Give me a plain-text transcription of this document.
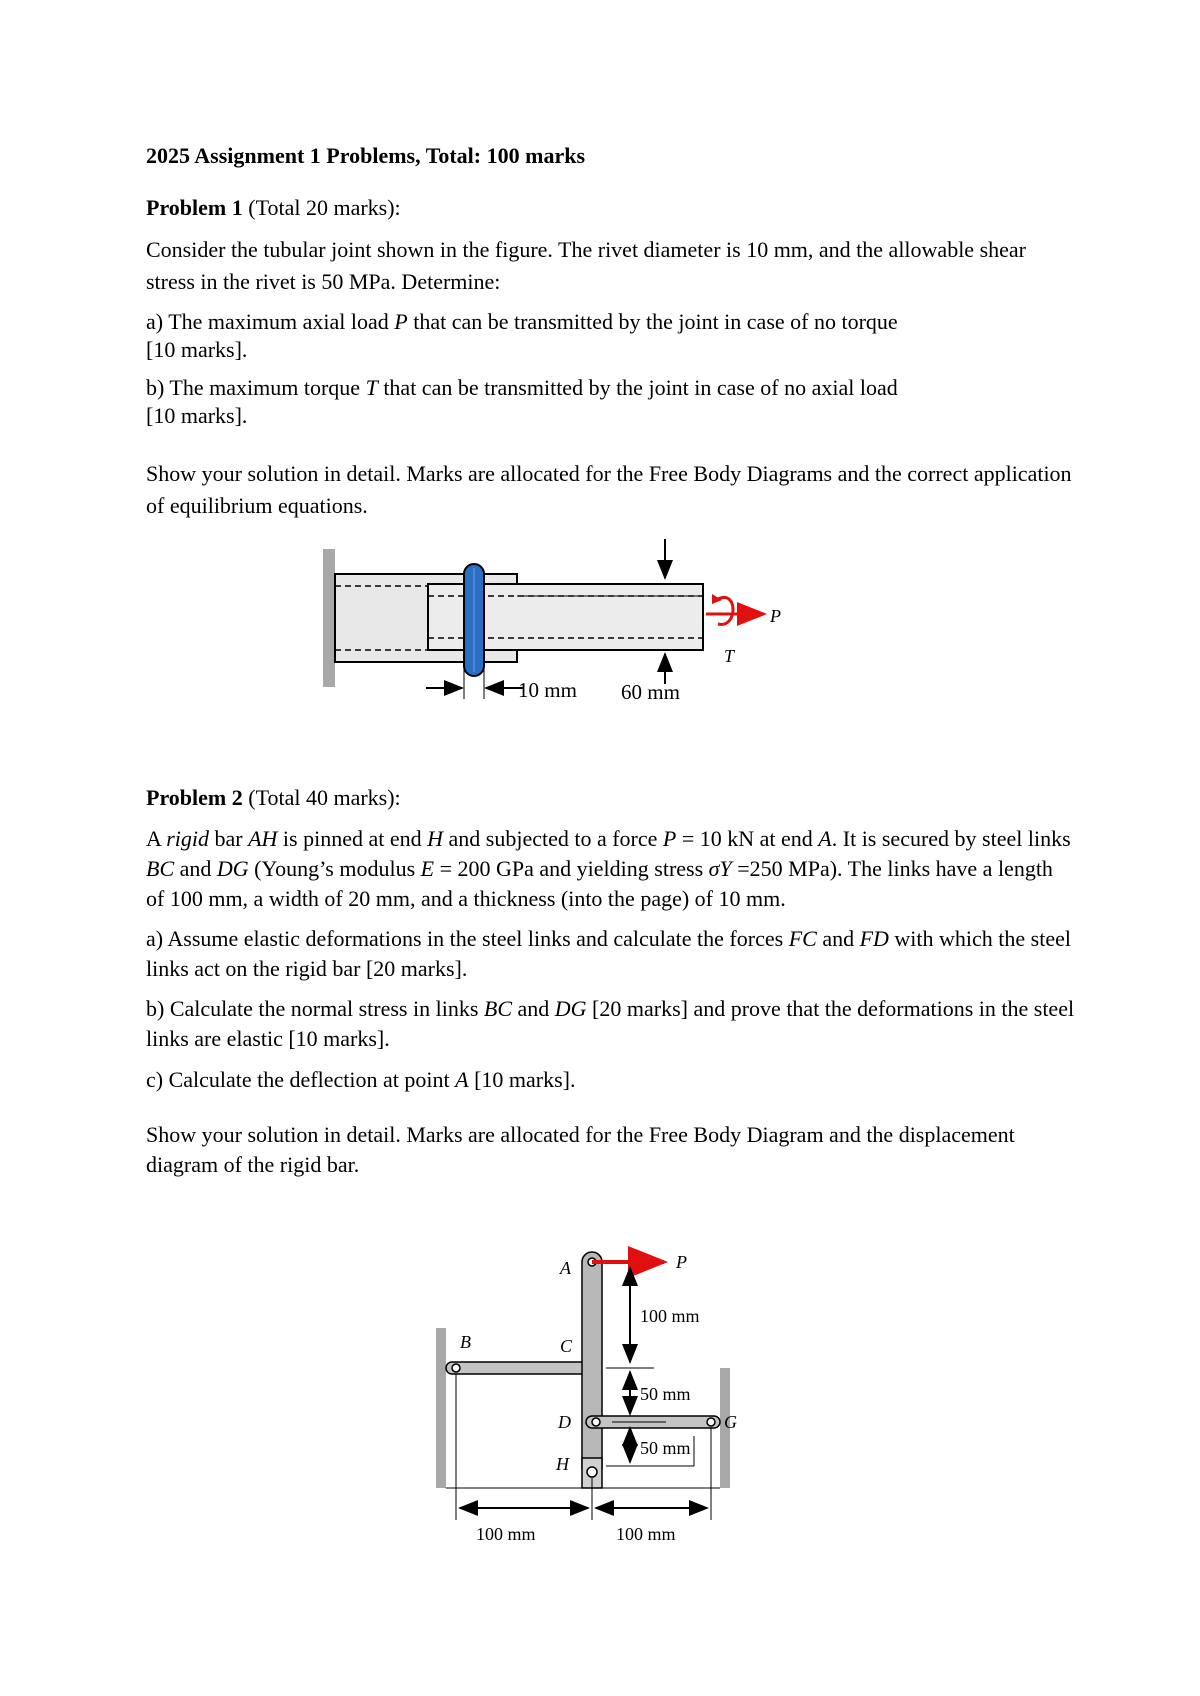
2025 Assignment 1 Problems, Total: 100 marks
Problem 1 (Total 20 marks):

Consider the tubular joint shown in the figure. The rivet diameter is 10 mm, and the allowable shear stress in the rivet is 50 MPa. Determine:

a) The maximum axial load P that can be transmitted by the joint in case of no torque
[10 marks].

b) The maximum torque T that can be transmitted by the joint in case of no axial load
[10 marks].

Show your solution in detail. Marks are allocated for the Free Body Diagrams and the correct application of equilibrium equations.

P
T
10 mm 60 mm
Problem 2 (Total 40 marks):

A rigid bar AH is pinned at end H and subjected to a force P = 10 kN at end A. It is secured by steel links BC and DG (Young’s modulus E = 200 GPa and yielding stress σY =250 MPa). The links have a length of 100 mm, a width of 20 mm, and a thickness (into the page) of 10 mm.

a) Assume elastic deformations in the steel links and calculate the forces FC and FD with which the steel links act on the rigid bar [20 marks].

b) Calculate the normal stress in links BC and DG [20 marks] and prove that the deformations in the steel links are elastic [10 marks].

c) Calculate the deflection at point A [10 marks].

Show your solution in detail. Marks are allocated for the Free Body Diagram and the displacement diagram of the rigid bar.

P
A
B	C
D	G
H
100 mm
50 mm
50 mm
100 mm	100 mm
